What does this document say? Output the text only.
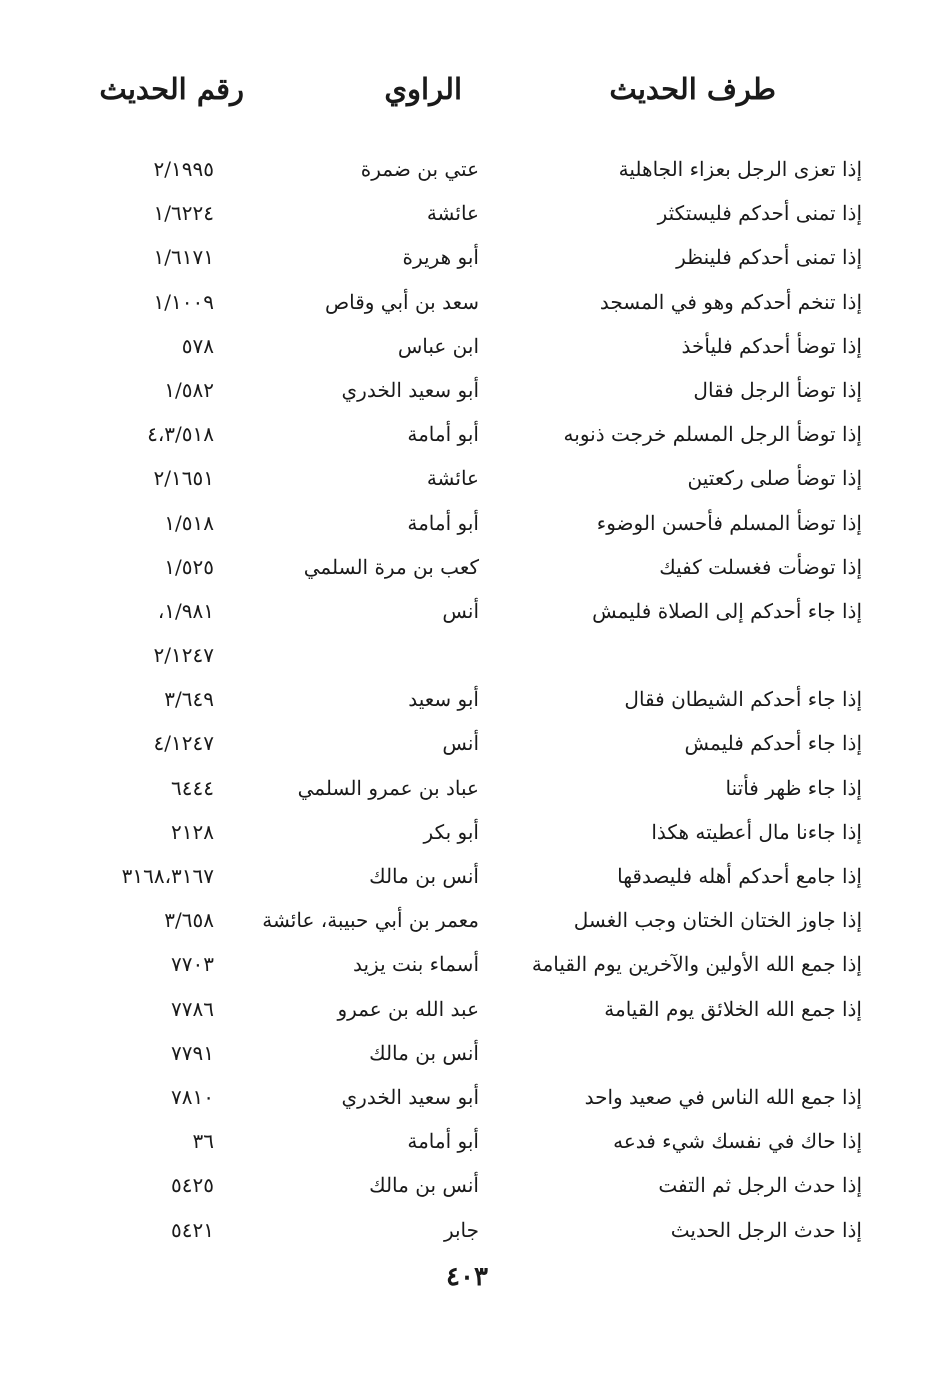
طرف الحديث
الراوي
رقم الحديث
إذا تعزى الرجل بعزاء الجاهلية
عتي بن ضمرة
٢/١٩٩٥
إذا تمنى أحدكم فليستكثر
عائشة
١/٦٢٢٤
إذا تمنى أحدكم فلينظر
أبو هريرة
١/٦١٧١
إذا تنخم أحدكم وهو في المسجد
سعد بن أبي وقاص
١/١٠٠٩
إذا توضأ أحدكم فليأخذ
ابن عباس
٥٧٨
إذا توضأ الرجل فقال
أبو سعيد الخدري
١/٥٨٢
إذا توضأ الرجل المسلم خرجت ذنوبه
أبو أمامة
٤،٣/٥١٨
إذا توضأ صلى ركعتين
عائشة
٢/١٦٥١
إذا توضأ المسلم فأحسن الوضوء
أبو أمامة
١/٥١٨
إذا توضأت فغسلت كفيك
كعب بن مرة السلمي
١/٥٢٥
إذا جاء أحدكم إلى الصلاة فليمش
أنس
١/٩٨١،
٢/١٢٤٧
إذا جاء أحدكم الشيطان فقال
أبو سعيد
٣/٦٤٩
إذا جاء أحدكم فليمش
أنس
٤/١٢٤٧
إذا جاء ظهر فأتنا
عباد بن عمرو السلمي
٦٤٤٤
إذا جاءنا مال أعطيته هكذا
أبو بكر
٢١٢٨
إذا جامع أحدكم أهله فليصدقها
أنس بن مالك
٣١٦٨،٣١٦٧
إذا جاوز الختان الختان وجب الغسل
معمر بن أبي حبيبة، عائشة
٣/٦٥٨
إذا جمع الله الأولين والآخرين يوم القيامة
أسماء بنت يزيد
٧٧٠٣
إذا جمع الله الخلائق يوم القيامة
عبد الله بن عمرو
٧٧٨٦
أنس بن مالك
٧٧٩١
إذا جمع الله الناس في صعيد واحد
أبو سعيد الخدري
٧٨١٠
إذا حاك في نفسك شيء فدعه
أبو أمامة
٣٦
إذا حدث الرجل ثم التفت
أنس بن مالك
٥٤٢٥
إذا حدث الرجل الحديث
جابر
٥٤٢١
٤٠٣
